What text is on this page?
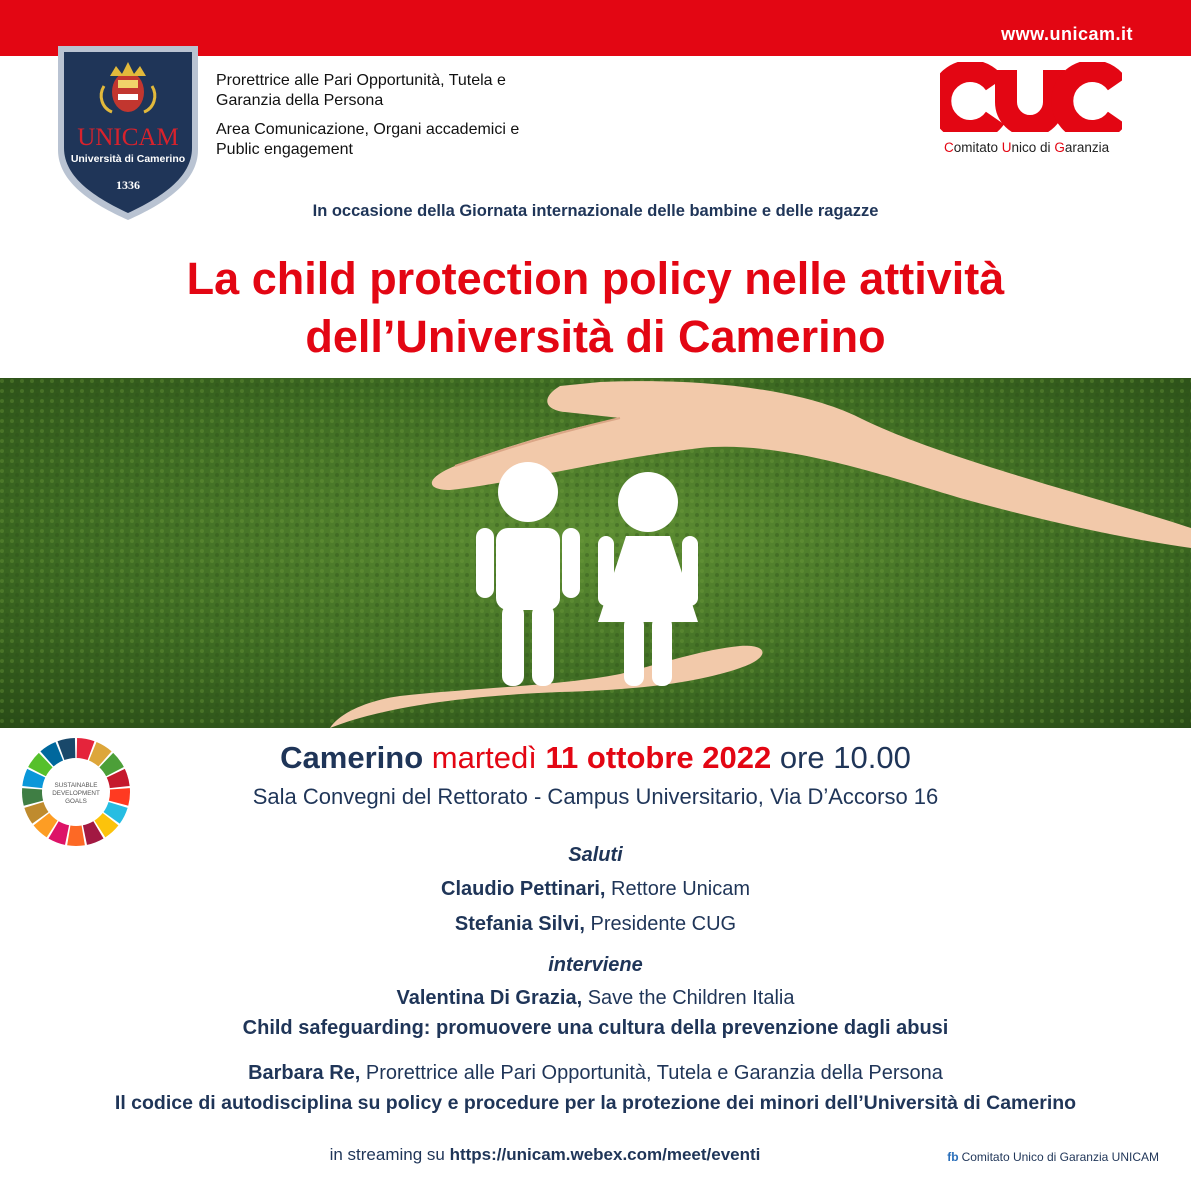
www.unicam.it
UNICAM
Università di Camerino
1336
Prorettrice alle Pari Opportunità, Tutela e Garanzia della Persona
Area Comunicazione, Organi accademici e Public engagement
CUG
Comitato Unico di Garanzia
In occasione della Giornata internazionale delle bambine e delle ragazze
La child protection policy nelle attività
dell’Università di Camerino
SUSTAINABLE
DEVELOPMENT
GOALS
Camerino martedì 11 ottobre 2022 ore 10.00
Sala Convegni del Rettorato - Campus Universitario, Via D’Accorso 16
Saluti
Claudio Pettinari, Rettore Unicam
Stefania Silvi, Presidente CUG
interviene
Valentina Di Grazia, Save the Children Italia
Child safeguarding: promuovere una cultura della prevenzione dagli abusi
Barbara Re, Prorettrice alle Pari Opportunità, Tutela e Garanzia della Persona
Il codice di autodisciplina su policy e procedure per la protezione dei minori dell’Università di Camerino
in streaming su https://unicam.webex.com/meet/eventi	fb Comitato Unico di Garanzia UNICAM
